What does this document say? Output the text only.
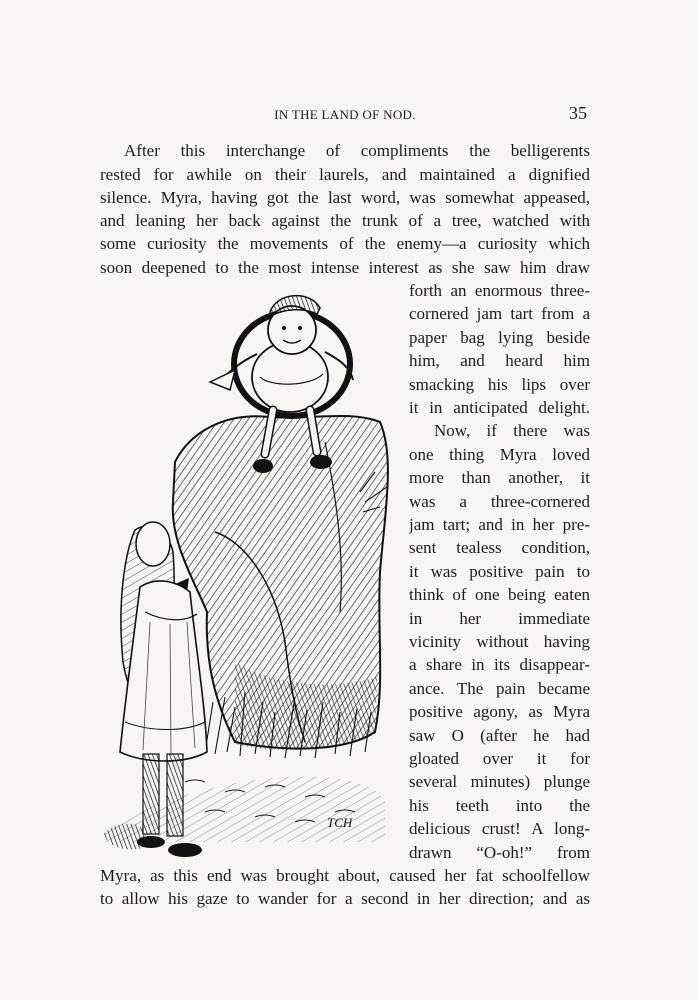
IN THE LAND OF NOD.	35
After this interchange of compliments the belligerents
rested for awhile on their laurels, and maintained a dignified
silence. Myra, having got the last word, was somewhat appeased,
and leaning her back against the trunk of a tree, watched with
some curiosity the movements of the enemy—a curiosity which
soon deepened to the most intense interest as she saw him draw
forth an enormous three-
cornered jam tart from a
paper bag lying beside
him, and heard him
smacking his lips over
it in anticipated delight.
Now, if there was
one thing Myra loved
more than another, it
was a three-cornered
jam tart; and in her pre-
sent tealess condition,
it was positive pain to
think of one being eaten
in her immediate
vicinity without having
a share in its disappear-
ance. The pain became
positive agony, as Myra
saw O (after he had
gloated over it for
several minutes) plunge
his teeth into the
delicious crust! A long-
drawn “O-oh!” from
Myra, as this end was brought about, caused her fat schoolfellow
to allow his gaze to wander for a second in her direction; and as
TCH
